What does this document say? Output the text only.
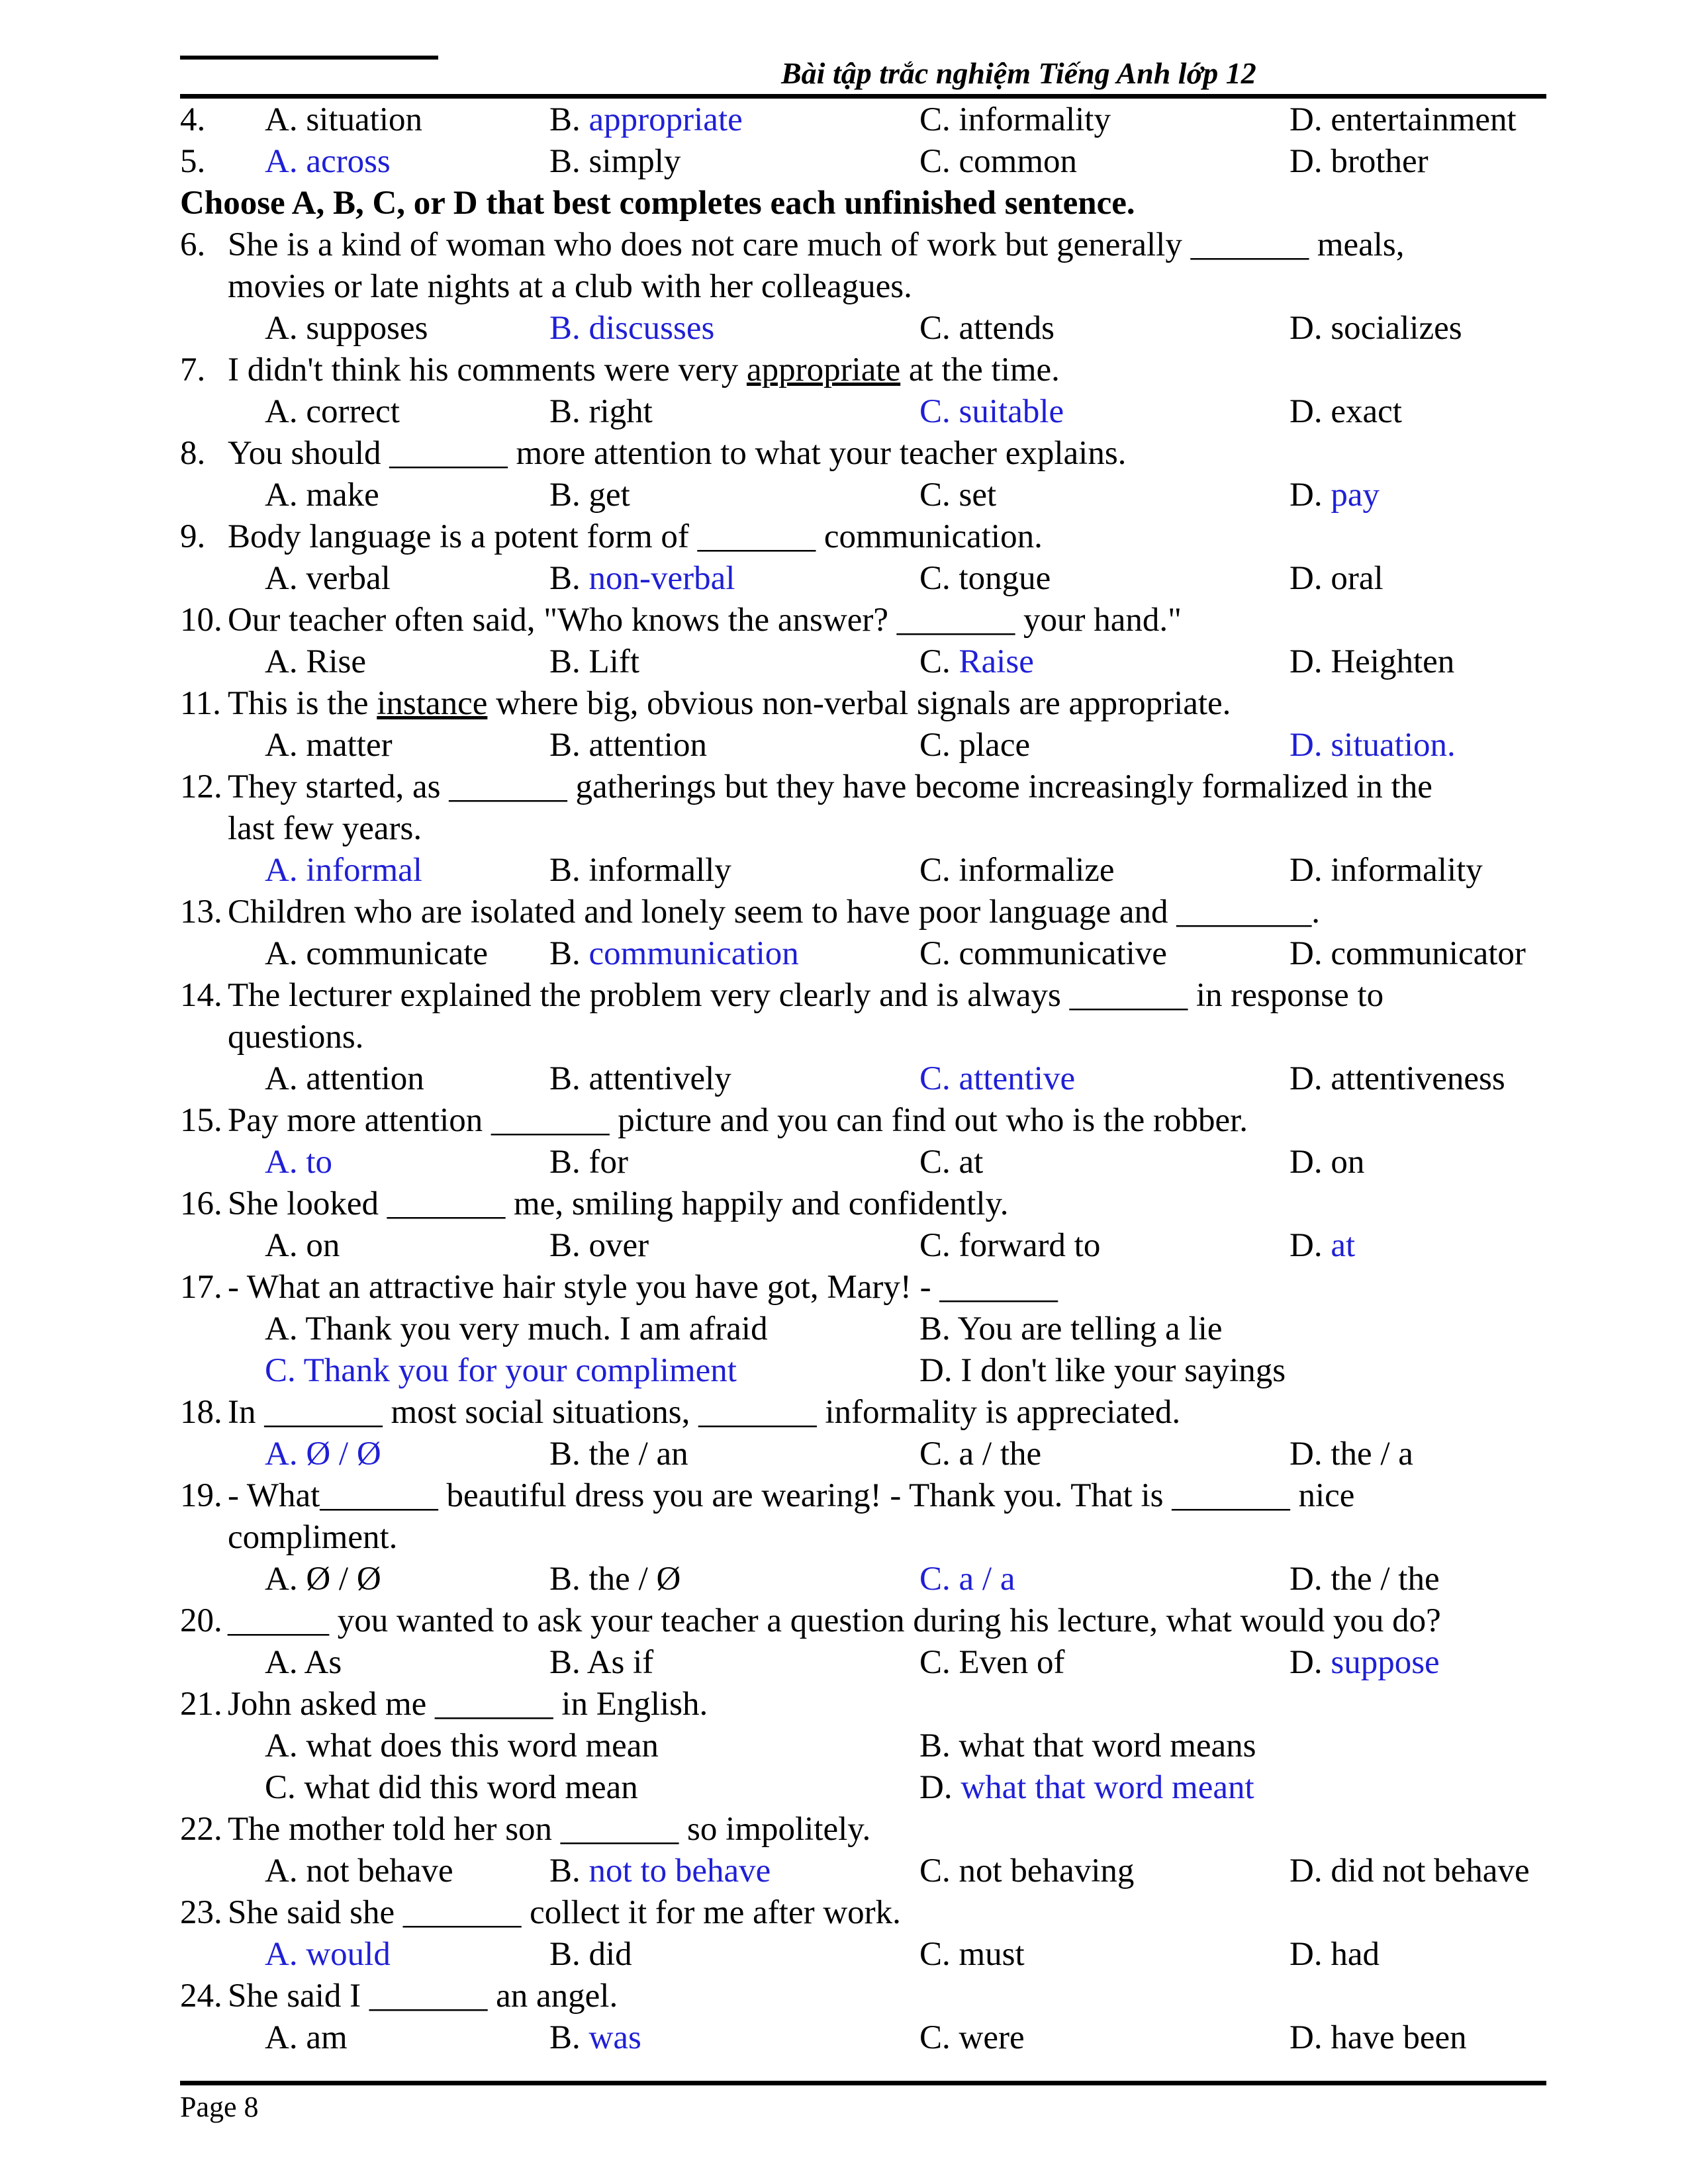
Bài tập trắc nghiệm Tiếng Anh lớp 12
4. A. situation	B. appropriate	C. informality	D. entertainment
5. A. across	B. simply	C. common	D. brother
Choose A, B, C, or D that best completes each unfinished sentence.
6. She is a kind of woman who does not care much of work but generally _______ meals,
movies or late nights at a club with her colleagues.
A. supposes	B. discusses	C. attends	D. socializes
7. I didn't think his comments were very appropriate at the time.
A. correct	B. right	C. suitable	D. exact
8. You should _______ more attention to what your teacher explains.
A. make	B. get	C. set	D. pay
9. Body language is a potent form of _______ communication.
A. verbal	B. non-verbal	C. tongue	D. oral
10. Our teacher often said, "Who knows the answer? _______ your hand."
A. Rise	B. Lift	C. Raise	D. Heighten
11. This is the instance where big, obvious non-verbal signals are appropriate.
A. matter	B. attention	C. place	D. situation.
12. They started, as _______ gatherings but they have become increasingly formalized in the
last few years.
A. informal	B. informally	C. informalize	D. informality
13. Children who are isolated and lonely seem to have poor language and ________.
A. communicate B. communication	C. communicative	D. communicator
14. The lecturer explained the problem very clearly and is always _______ in response to
questions.
A. attention	B. attentively	C. attentive	D. attentiveness
15. Pay more attention _______ picture and you can find out who is the robber.
A. to	B. for	C. at	D. on
16. She looked _______ me, smiling happily and confidently.
A. on	B. over	C. forward to	D. at
17. - What an attractive hair style you have got, Mary! - _______
A. Thank you very much. I am afraid	B. You are telling a lie
C. Thank you for your compliment	D. I don't like your sayings
18. In _______ most social situations, _______ informality is appreciated.
A. Ø / Ø	B. the / an	C. a / the	D. the / a
19. - What_______ beautiful dress you are wearing! - Thank you. That is _______ nice
compliment.
A. Ø / Ø	B. the / Ø	C. a / a	D. the / the
20. ______ you wanted to ask your teacher a question during his lecture, what would you do?
A. As	B. As if	C. Even of	D. suppose
21. John asked me _______ in English.
A. what does this word mean	B. what that word means
C. what did this word mean	D. what that word meant
22. The mother told her son _______ so impolitely.
A. not behave	B. not to behave	C. not behaving	D. did not behave
23. She said she _______ collect it for me after work.
A. would	B. did	C. must	D. had
24. She said I _______ an angel.
A. am	B. was	C. were	D. have been
Page 8
